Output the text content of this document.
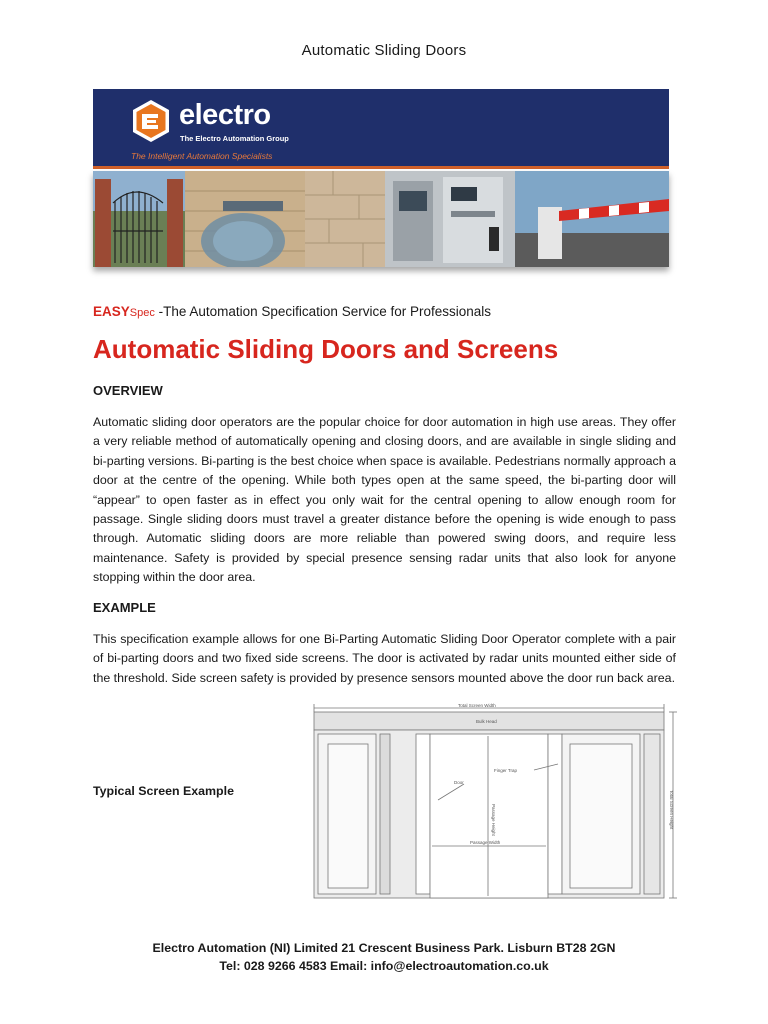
Automatic Sliding Doors
electro
The Electro Automation Group
The Intelligent Automation Specialists
EASYSpec -The Automation Specification Service for Professionals
Automatic Sliding Doors and Screens
OVERVIEW

Automatic sliding door operators are the popular choice for door automation in high use areas. They offer a very reliable method of automatically opening and closing doors, and are available in single sliding and bi-parting versions. Bi-parting is the best choice when space is available. Pedestrians normally approach a door at the centre of the opening. While both types open at the same speed, the bi-parting door will “appear” to open faster as in effect you only wait for the central opening to allow enough room for passage. Single sliding doors must travel a greater distance before the opening is wide enough to pass through. Automatic sliding doors are more reliable than powered swing doors, and require less maintenance. Safety is provided by special presence sensing radar units that also look for anyone stopping within the door area.

EXAMPLE

This specification example allows for one Bi-Parting Automatic Sliding Door Operator complete with a pair of bi-parting doors and two fixed side screens. The door is activated by radar units mounted either side of the threshold. Side screen safety is provided by presence sensors mounted above the door run back area.

Typical Screen Example
Total Screen Width
Bulk Head
Door
Finger Trap
Passage Height
Passage Width
Total Screen Height
Electro Automation (NI) Limited 21 Crescent Business Park. Lisburn BT28 2GN
Tel: 028 9266 4583 Email: info@electroautomation.co.uk
